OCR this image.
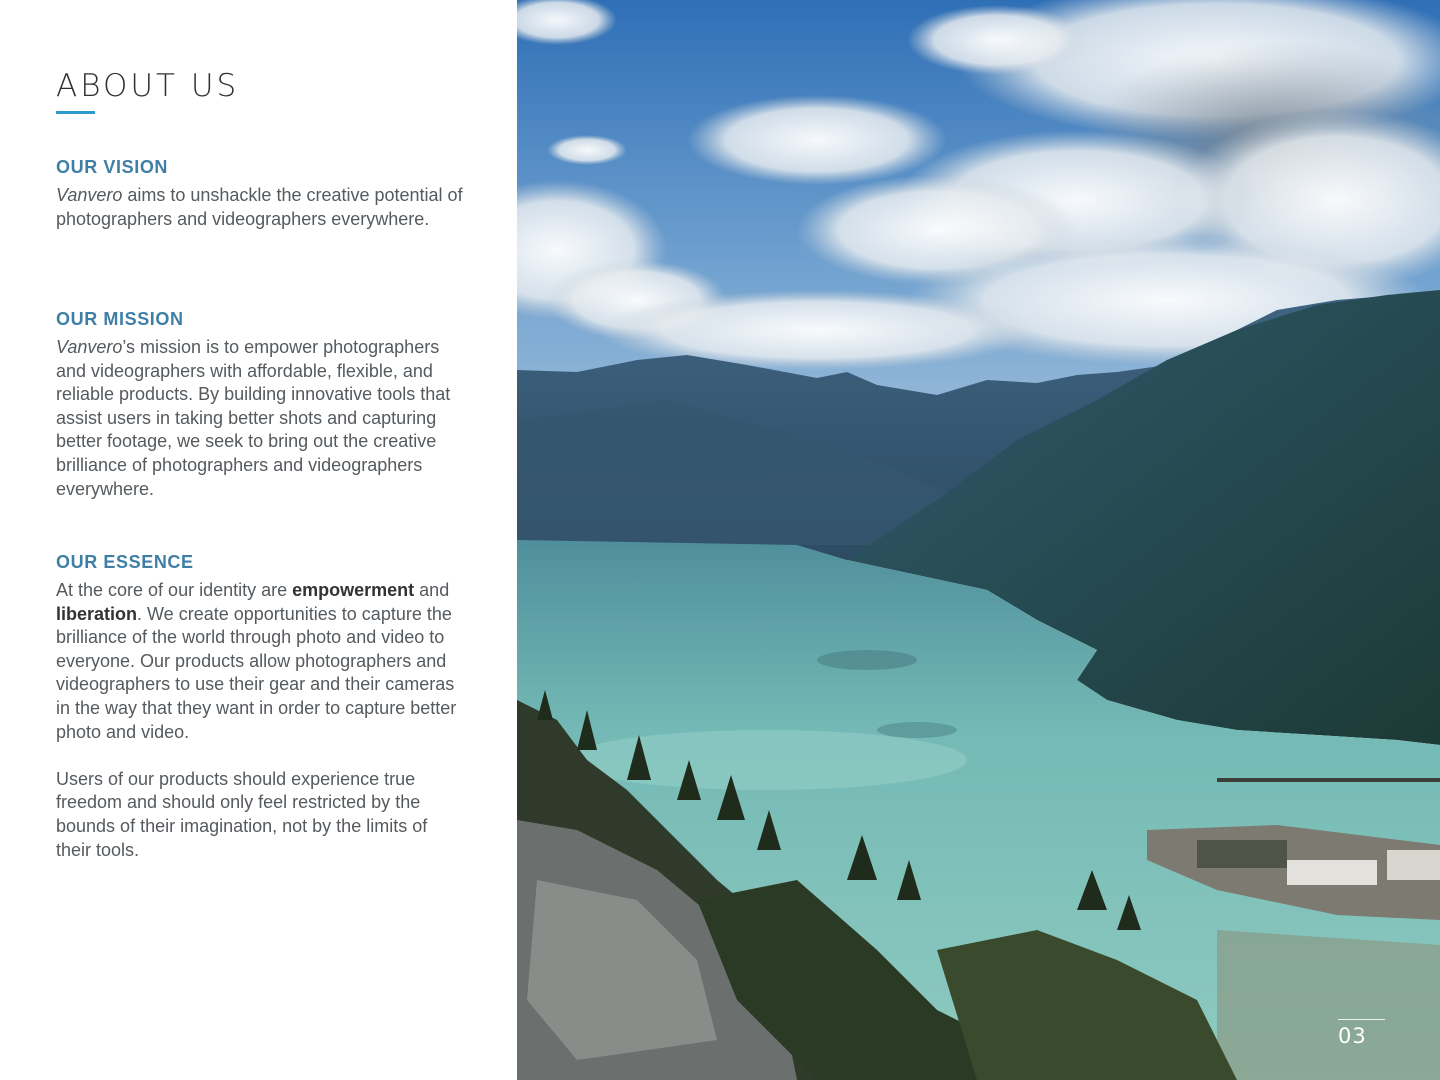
ABOUT US
OUR VISION

Vanvero aims to unshackle the creative potential of photographers and videographers everywhere.

OUR MISSION

Vanvero’s mission is to empower photographers and videographers with affordable, flexible, and reliable products. By building innovative tools that assist users in taking better shots and capturing better footage, we seek to bring out the creative brilliance of photographers and videographers everywhere.

OUR ESSENCE

At the core of our identity are empowerment and liberation. We create opportunities to capture the brilliance of the world through photo and video to everyone. Our products allow photographers and videographers to use their gear and their cameras in the way that they want in order to capture better photo and video.

Users of our products should experience true freedom and should only feel restricted by the bounds of their imagination, not by the limits of their tools.

03
